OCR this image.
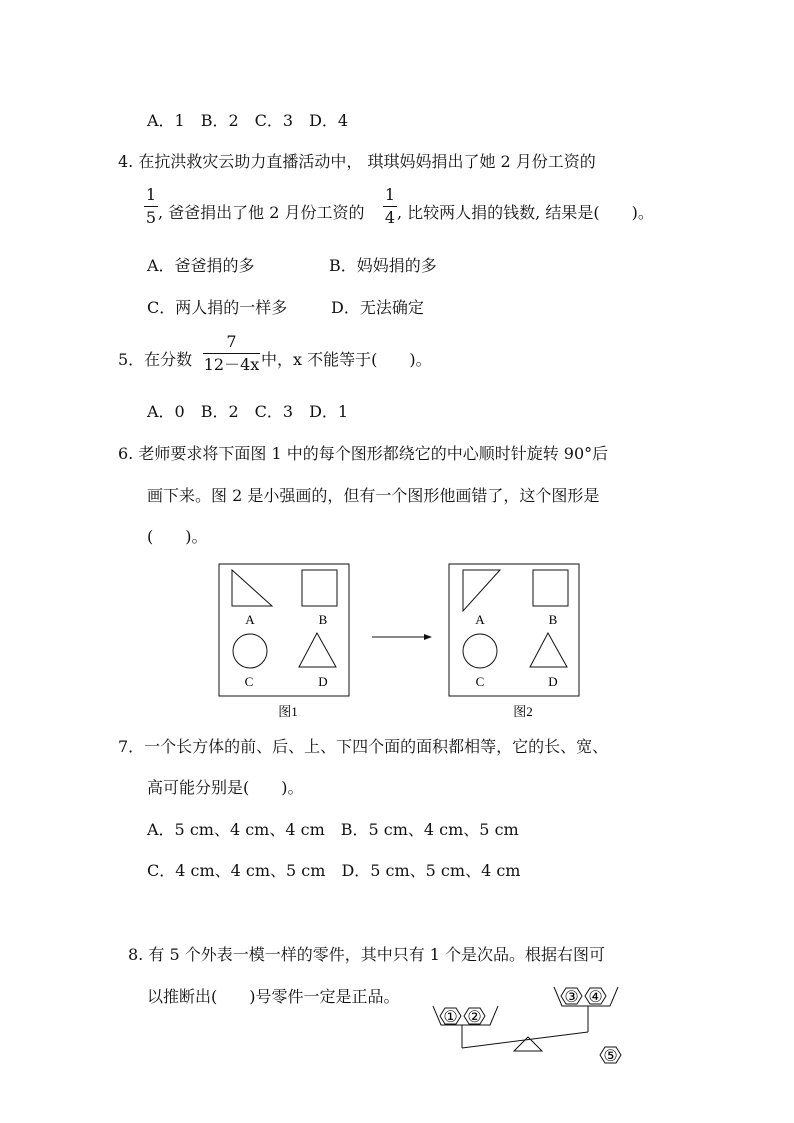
A．1　B．2　C．3　D．4
4. 在抗洪救灾云助力直播活动中， 琪琪妈妈捐出了她 2 月份工资的
1
5 , 爸爸捐出了他 2 月份工资的
1
4 , 比较两人捐的钱数, 结果是(　　)。
A．爸爸捐的多	B．妈妈捐的多
C．两人捐的一样多	D．无法确定
5．在分数
7
12－4x 中，x 不能等于(　　)。
A．0　B．2　C．3　D．1
6. 老师要求将下面图 1 中的每个图形都绕它的中心顺时针旋转 90°后
画下来。图 2 是小强画的，但有一个图形他画错了，这个图形是
(　　)。
A	B
C	D
图1
A	B
C	D
图2
7．一个长方体的前、后、上、下四个面的面积都相等，它的长、宽、
高可能分别是(　　)。
A．5 cm、4 cm、4 cm　B．5 cm、4 cm、5 cm
C．4 cm、4 cm、5 cm　D．5 cm、5 cm、4 cm
8. 有 5 个外表一模一样的零件，其中只有 1 个是次品。根据右图可
以推断出(　　)号零件一定是正品。
① ②
③ ④
⑤
